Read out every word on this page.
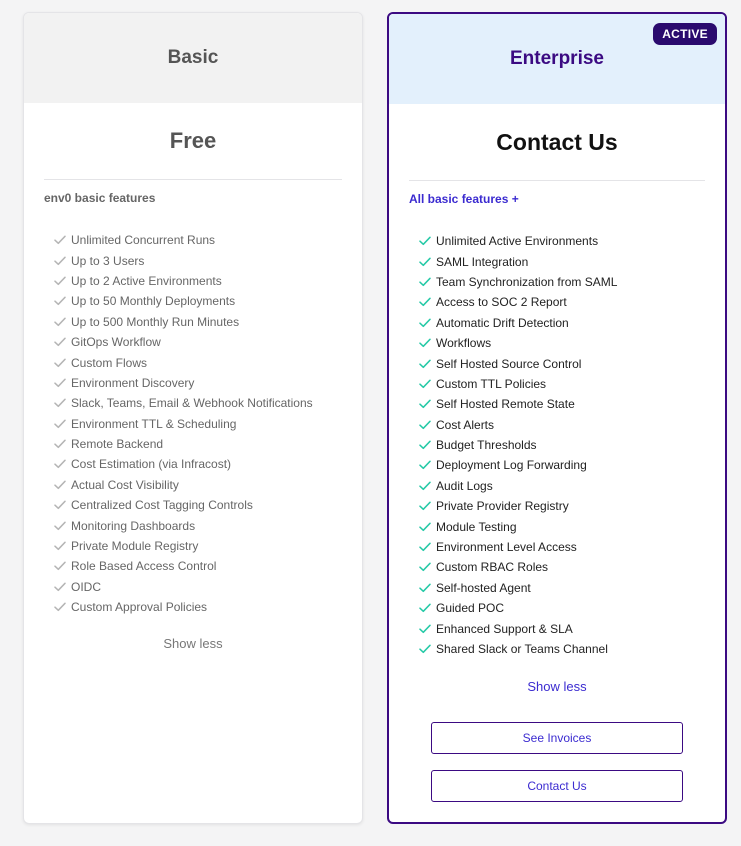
Basic
Free
env0 basic features
Unlimited Concurrent Runs
Up to 3 Users
Up to 2 Active Environments
Up to 50 Monthly Deployments
Up to 500 Monthly Run Minutes
GitOps Workflow
Custom Flows
Environment Discovery
Slack, Teams, Email & Webhook Notifications
Environment TTL & Scheduling
Remote Backend
Cost Estimation (via Infracost)
Actual Cost Visibility
Centralized Cost Tagging Controls
Monitoring Dashboards
Private Module Registry
Role Based Access Control
OIDC
Custom Approval Policies
Show less
Enterprise
ACTIVE
Contact Us
All basic features +
Unlimited Active Environments
SAML Integration
Team Synchronization from SAML
Access to SOC 2 Report
Automatic Drift Detection
Workflows
Self Hosted Source Control
Custom TTL Policies
Self Hosted Remote State
Cost Alerts
Budget Thresholds
Deployment Log Forwarding
Audit Logs
Private Provider Registry
Module Testing
Environment Level Access
Custom RBAC Roles
Self-hosted Agent
Guided POC
Enhanced Support & SLA
Shared Slack or Teams Channel
Show less
See Invoices
Contact Us
